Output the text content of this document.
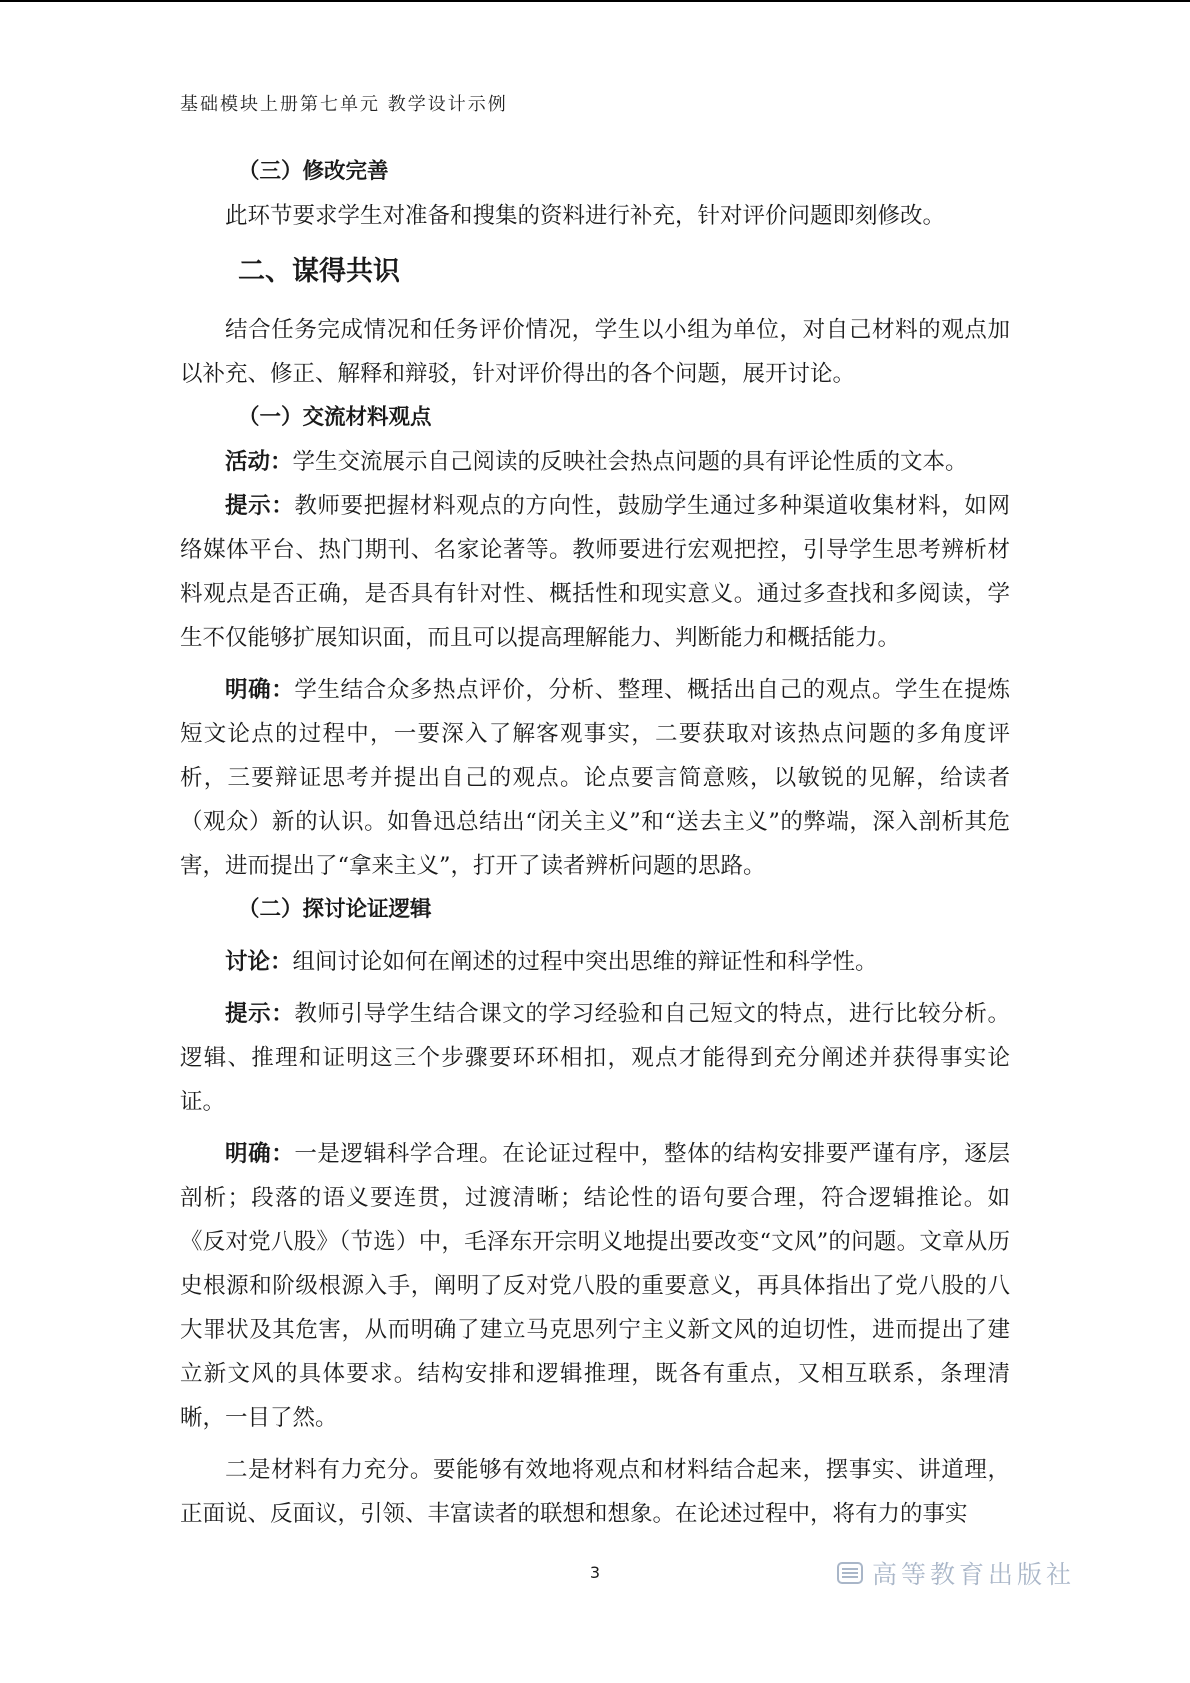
基础模块上册第七单元 教学设计示例
（三）修改完善

此环节要求学生对准备和搜集的资料进行补充，针对评价问题即刻修改。

二、谋得共识

结合任务完成情况和任务评价情况，学生以小组为单位，对自己材料的观点加以补充、修正、解释和辩驳，针对评价得出的各个问题，展开讨论。

（一）交流材料观点

活动：学生交流展示自己阅读的反映社会热点问题的具有评论性质的文本。

提示：教师要把握材料观点的方向性，鼓励学生通过多种渠道收集材料，如网络媒体平台、热门期刊、名家论著等。教师要进行宏观把控，引导学生思考辨析材料观点是否正确，是否具有针对性、概括性和现实意义。通过多查找和多阅读，学生不仅能够扩展知识面，而且可以提高理解能力、判断能力和概括能力。

明确：学生结合众多热点评价，分析、整理、概括出自己的观点。学生在提炼短文论点的过程中，一要深入了解客观事实，二要获取对该热点问题的多角度评析，三要辩证思考并提出自己的观点。论点要言简意赅，以敏锐的见解，给读者（观众）新的认识。如鲁迅总结出“闭关主义”和“送去主义”的弊端，深入剖析其危害，进而提出了“拿来主义”，打开了读者辨析问题的思路。

（二）探讨论证逻辑

讨论：组间讨论如何在阐述的过程中突出思维的辩证性和科学性。

提示：教师引导学生结合课文的学习经验和自己短文的特点，进行比较分析。逻辑、推理和证明这三个步骤要环环相扣，观点才能得到充分阐述并获得事实论证。

明确：一是逻辑科学合理。在论证过程中，整体的结构安排要严谨有序，逐层剖析；段落的语义要连贯，过渡清晰；结论性的语句要合理，符合逻辑推论。如《反对党八股》（节选）中，毛泽东开宗明义地提出要改变“文风”的问题。文章从历史根源和阶级根源入手，阐明了反对党八股的重要意义，再具体指出了党八股的八大罪状及其危害，从而明确了建立马克思列宁主义新文风的迫切性，进而提出了建立新文风的具体要求。结构安排和逻辑推理，既各有重点，又相互联系，条理清晰，一目了然。

二是材料有力充分。要能够有效地将观点和材料结合起来，摆事实、讲道理，正面说、反面议，引领、丰富读者的联想和想象。在论述过程中，将有力的事实

3	高等教育出版社
